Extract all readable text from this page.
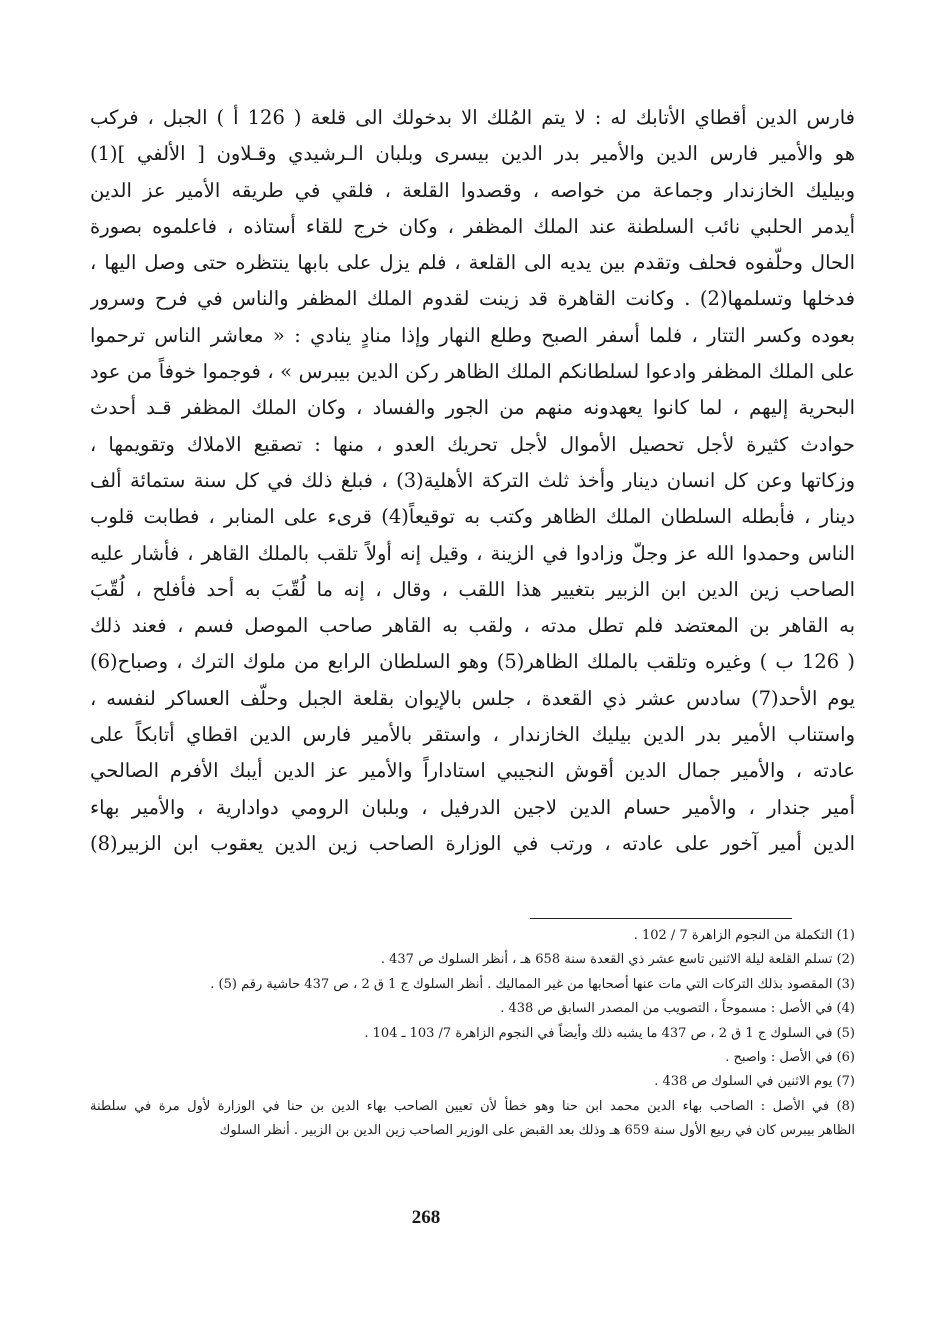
فارس الدين أقطاي الأتابك له : لا يتم المُلك الا بدخولك الى قلعة ( 126 أ ) الجبل ، فركب
هو والأمير فارس الدين والأمير بدر الدين بيسرى وبلبان الـرشيدي وقـلاون [ الألفي ](1)
وبيليك الخازندار وجماعة من خواصه ، وقصدوا القلعة ، فلقي في طريقه الأمير عز الدين
أيدمر الحلبي نائب السلطنة عند الملك المظفر ، وكان خرج للقاء أستاذه ، فاعلموه بصورة
الحال وحلّفوه فحلف وتقدم بين يديه الى القلعة ، فلم يزل على بابها ينتظره حتى وصل اليها ،
فدخلها وتسلمها(2) . وكانت القاهرة قد زينت لقدوم الملك المظفر والناس في فرح وسرور
بعوده وكسر التتار ، فلما أسفر الصبح وطلع النهار وإذا منادٍ ينادي : « معاشر الناس ترحموا
على الملك المظفر وادعوا لسلطانكم الملك الظاهر ركن الدين بيبرس » ، فوجموا خوفاً من عود
البحرية إليهم ، لما كانوا يعهدونه منهم من الجور والفساد ، وكان الملك المظفر قـد أحدث
حوادث كثيرة لأجل تحصيل الأموال لأجل تحريك العدو ، منها : تصقيع الاملاك وتقويمها ،
وزكاتها وعن كل انسان دينار وأخذ ثلث التركة الأهلية(3) ، فبلغ ذلك في كل سنة ستمائة ألف
دينار ، فأبطله السلطان الملك الظاهر وكتب به توقيعاً(4) قرىء على المنابر ، فطابت قلوب
الناس وحمدوا الله عز وجلّ وزادوا في الزينة ، وقيل إنه أولاً تلقب بالملك القاهر ، فأشار عليه
الصاحب زين الدين ابن الزبير بتغيير هذا اللقب ، وقال ، إنه ما لُقّبَ به أحد فأفلح ، لُقّبَ
به القاهر بن المعتضد فلم تطل مدته ، ولقب به القاهر صاحب الموصل فسم ، فعند ذلك
( 126 ب ) وغيره وتلقب بالملك الظاهر(5) وهو السلطان الرابع من ملوك الترك ، وصباح(6)
يوم الأحد(7) سادس عشر ذي القعدة ، جلس بالإيوان بقلعة الجبل وحلّف العساكر لنفسه ،
واستناب الأمير بدر الدين بيليك الخازندار ، واستقر بالأمير فارس الدين اقطاي أتابكاً على
عادته ، والأمير جمال الدين أقوش النجيبي استاداراً والأمير عز الدين أيبك الأفرم الصالحي
أمير جندار ، والأمير حسام الدين لاجين الدرفيل ، وبلبان الرومي دوادارية ، والأمير بهاء
الدين أمير آخور على عادته ، ورتب في الوزارة الصاحب زين الدين يعقوب ابن الزبير(8)
(1) التكملة من النجوم الزاهرة 7 / 102 .
(2) تسلم القلعة ليلة الاثنين تاسع عشر ذي القعدة سنة 658 هـ ، أنظر السلوك ص 437 .
(3) المقصود بذلك التركات التي مات عنها أصحابها من غير المماليك . أنظر السلوك ج 1 ق 2 ، ص 437 حاشية رقم (5) .
(4) في الأصل : مسموحاً ، التصويب من المصدر السابق ص 438 .
(5) في السلوك ج 1 ق 2 ، ص 437 ما يشبه ذلك وأيضاً في النجوم الزاهرة 7/ 103 ـ 104 .
(6) في الأصل : واصبح .
(7) يوم الاثنين في السلوك ص 438 .
(8) في الأصل : الصاحب بهاء الدين محمد ابن حنا وهو خطأ لأن تعيين الصاحب بهاء الدين بن حنا في الوزارة لأول مرة في سلطنة
الظاهر بيبرس كان في ربيع الأول سنة 659 هـ وذلك بعد القبض على الوزير الصاحب زين الدين بن الزبير . أنظر السلوك
268
